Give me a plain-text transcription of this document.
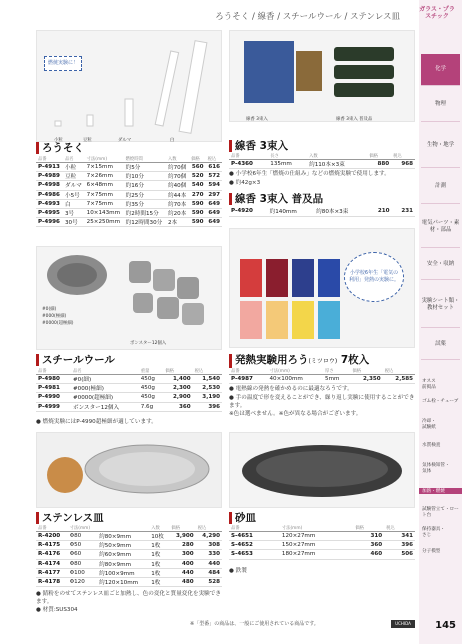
ろうそく / 線香 / スチールウール / ステンレス皿
燃焼実験に！
小粒	豆粒	ダルマ	白
ろうそく
品番	品名	寸法(mm)	燃焼時間	入数	価格	税込
P-4913	小粒	7×15mm	約5分	約70個	560	616
P-4989	豆粒	7×26mm	約10分	約70個	520	572
P-4998	ダルマ	6×48mm	約16分	約40個	540	594
P-4986	小5号	7×75mm	約25分	約44本	270	297
P-4993	白	7×75mm	約35分	約70本	590	649
P-4995	3号	10×143mm	約2時間15分	約20本	590	649
P-4996	30号	25×250mm	約12時間30分	2本	590	649
#0(細)
#000(極細)
#0000(超極細)
ボンスター12個入
スチールウール
品番	品名	重量	価格	税込
P-4980	#0(細)	450g	1,400	1,540
P-4981	#000(極細)	450g	2,300	2,530
P-4990	#0000(超極細)	450g	2,900	3,190
P-4999	ボンスター12個入	7.6g	360	396
● 燃焼実験にはP-4990超極細が適しています。
ステンレス皿
品番	寸法(mm)		入数	価格	税込
R-4200	Φ80	約80×9mm	10枚	3,900	4,290
R-4175	Φ50	約50×9mm	1枚	280	308
R-4176	Φ60	約60×9mm	1枚	300	330
R-4174	Φ80	約80×9mm	1枚	400	440
R-4177	Φ100	約100×9mm	1枚	440	484
R-4178	Φ120	約120×10mm	1枚	480	528
● 錆粉をのせてステンレス皿ごと加熱し、色の変化と質量変化を実験できます。
● 材質:SUS304
線香 3束入	線香 3束入 普及品
線香 3束入
品番	長さ	入数	価格	税込
P-4360	135mm	約110本×3束	880	968
● 小学校6年生「燃焼の仕組み」などの燃焼実験で使用します。
● 約42g×3
線香 3束入 普及品
P-4920	約140mm	約80本×3束	210	231
小学校6年生「電気の利用」発熱の実験に。
発熱実験用ろう(ミツロウ) 7枚入
品番	寸法(mm)	厚さ	価格	税込
P-4987	40×100mm	5mm	2,350	2,585
● 電熱線の発熱を確かめるのに最適なろうです。
● 手の温度で形を変えることができ、繰り返し実験に使用することができます。
※色は選べません。※色が異なる場合がございます。
砂皿
品番	寸法(mm)	価格	税込
S-4651	120×27mm	310	341
S-4652	150×27mm	360	396
S-4653	180×27mm	460	506
● 鉄製
ガラス・プラスチック
化学
物理
生物・地学
計測
電気パーツ・素材・部品
安全・収納
実験シート類・教材セット
試薬
オスス
前掲品
ゴム栓・チューブ
冷却・
試験紙
水質検査
気体検知管・
気体
加熱・燃焼
試験管立て・ロート台
保持器具・
さじ
分子模型
※「型番」の商品は、一般にご使用されている商品です。	UCHIDA	145
